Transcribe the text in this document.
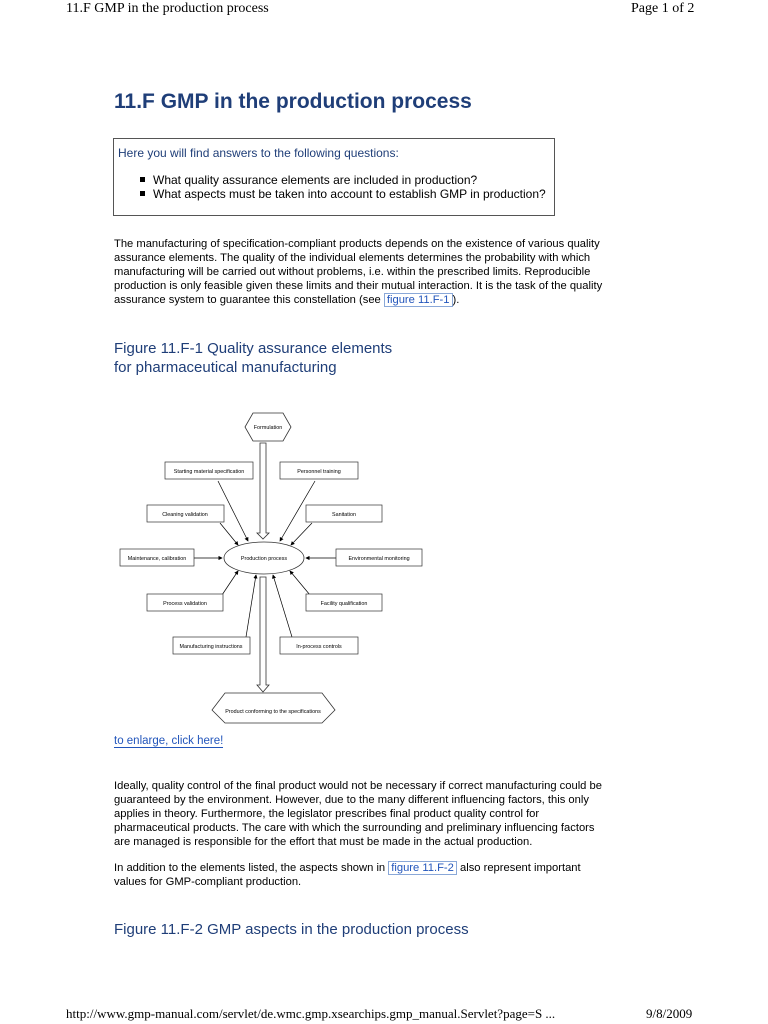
11.F GMP in the production process	Page 1 of 2
11.F GMP in the production process
Here you will find answers to the following questions:
What quality assurance elements are included in production?
What aspects must be taken into account to establish GMP in production?
The manufacturing of specification-compliant products depends on the existence of various quality
assurance elements. The quality of the individual elements determines the probability with which
manufacturing will be carried out without problems, i.e. within the prescribed limits. Reproducible
production is only feasible given these limits and their mutual interaction. It is the task of the quality
assurance system to guarantee this constellation (see figure 11.F-1 ).
Figure 11.F-1 Quality assurance elements
for pharmaceutical manufacturing
Formulation
Product conforming to the specifications
Production process
Starting material specification
Cleaning validation
Maintenance, calibration
Process validation
Manufacturing instructions
Personnel training
Sanitation
Environmental monitoring
Facility qualification
In-process controls
to enlarge, click here!
Ideally, quality control of the final product would not be necessary if correct manufacturing could be
guaranteed by the environment. However, due to the many different influencing factors, this only
applies in theory. Furthermore, the legislator prescribes final product quality control for
pharmaceutical products. The care with which the surrounding and preliminary influencing factors
are managed is responsible for the effort that must be made in the actual production.
In addition to the elements listed, the aspects shown in figure 11.F-2 also represent important
values for GMP-compliant production.
Figure 11.F-2 GMP aspects in the production process
http://www.gmp-manual.com/servlet/de.wmc.gmp.xsearchips.gmp_manual.Servlet?page=S ...	9/8/2009
